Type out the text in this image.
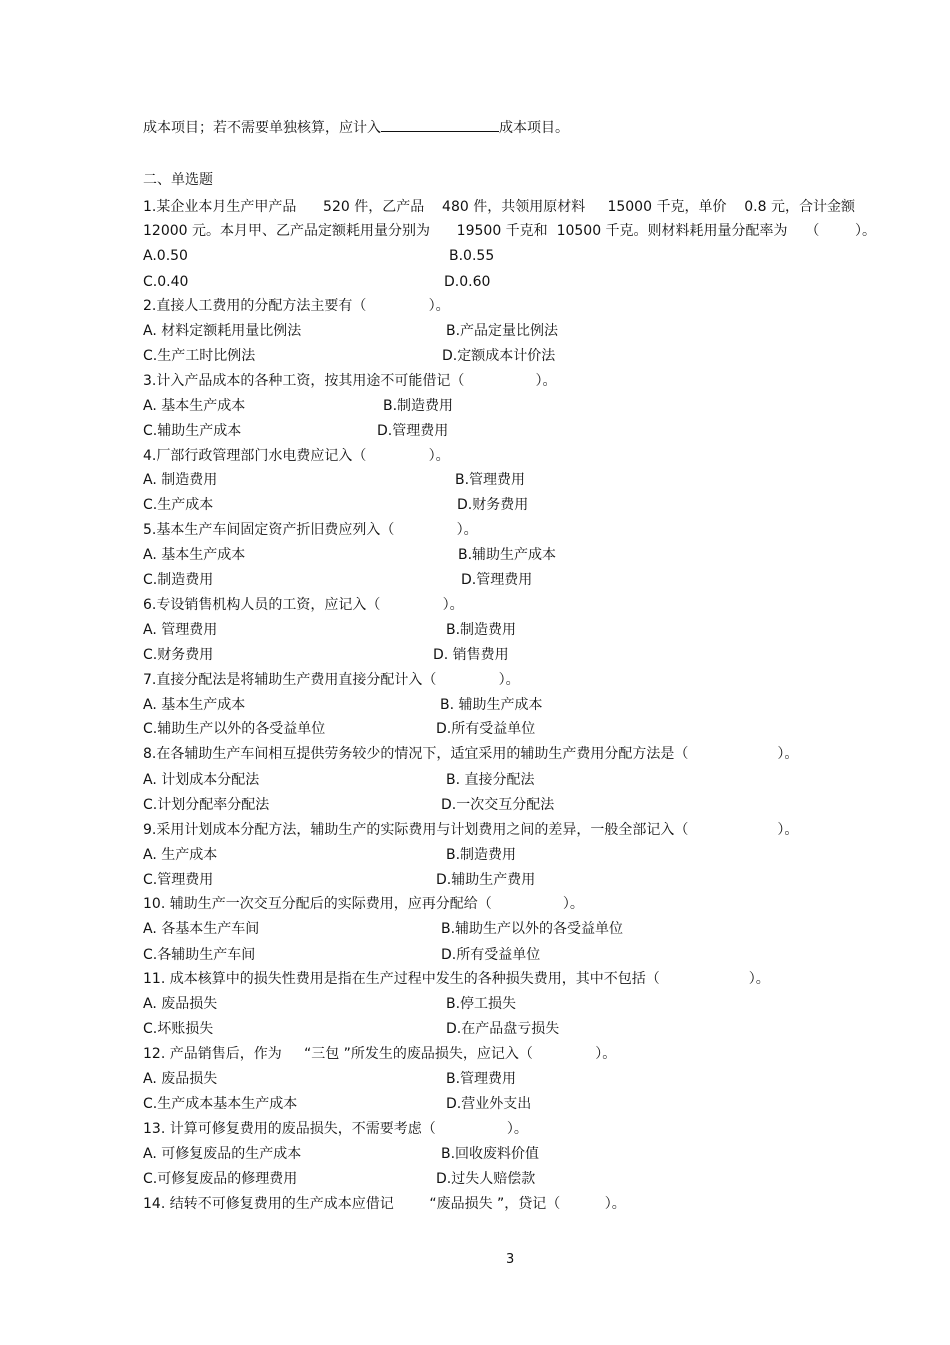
成本项目；若不需要单独核算，应计入	成本项目。
二、单选题
1.某企业本月生产甲产品      520 件，乙产品    480 件，共领用原材料     15000 千克，单价    0.8 元，合计金额
12000 元。本月甲、乙产品定额耗用量分别为      19500 千克和  10500 千克。则材料耗用量分配率为    （        ）。
A.0.50	B.0.55
C.0.40	D.0.60
2.直接人工费用的分配方法主要有（              ）。
A. 材料定额耗用量比例法	B.产品定量比例法
C.生产工时比例法	D.定额成本计价法
3.计入产品成本的各种工资，按其用途不可能借记（                ）。
A. 基本生产成本	B.制造费用
C.辅助生产成本	D.管理费用
4.厂部行政管理部门水电费应记入（              ）。
A. 制造费用	B.管理费用
C.生产成本	D.财务费用
5.基本生产车间固定资产折旧费应列入（              ）。
A. 基本生产成本	B.辅助生产成本
C.制造费用	D.管理费用
6.专设销售机构人员的工资，应记入（              ）。
A. 管理费用	B.制造费用
C.财务费用	D. 销售费用
7.直接分配法是将辅助生产费用直接分配计入（              ）。
A. 基本生产成本	B. 辅助生产成本
C.辅助生产以外的各受益单位	D.所有受益单位
8.在各辅助生产车间相互提供劳务较少的情况下，适宜采用的辅助生产费用分配方法是（                    ）。
A. 计划成本分配法	B. 直接分配法
C.计划分配率分配法	D.一次交互分配法
9.采用计划成本分配方法，辅助生产的实际费用与计划费用之间的差异，一般全部记入（                    ）。
A. 生产成本	B.制造费用
C.管理费用	D.辅助生产费用
10. 辅助生产一次交互分配后的实际费用，应再分配给（                ）。
A. 各基本生产车间	B.辅助生产以外的各受益单位
C.各辅助生产车间	D.所有受益单位
11. 成本核算中的损失性费用是指在生产过程中发生的各种损失费用，其中不包括（                    ）。
A. 废品损失	B.停工损失
C.坏账损失	D.在产品盘亏损失
12. 产品销售后，作为     “三包 ”所发生的废品损失，应记入（              ）。
A. 废品损失	B.管理费用
C.生产成本基本生产成本	D.营业外支出
13. 计算可修复费用的废品损失，不需要考虑（                ）。
A. 可修复废品的生产成本	B.回收废料价值
C.可修复废品的修理费用	D.过失人赔偿款
14. 结转不可修复费用的生产成本应借记        “废品损失 ”，贷记（          ）。
3
